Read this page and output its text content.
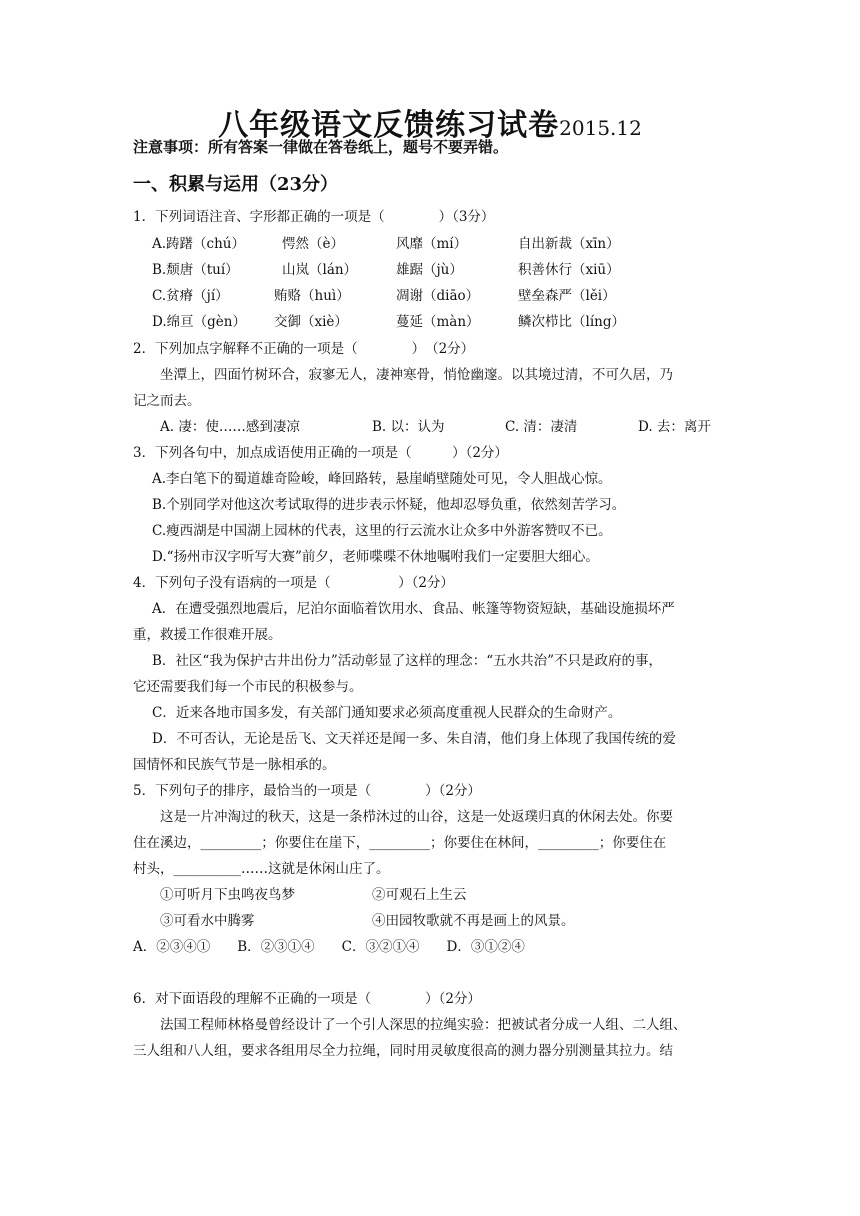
八年级语文反馈练习试卷2015.12
注意事项：所有答案一律做在答卷纸上，题号不要弄错。
一、积累与运用（23分）
1．下列词语注音、字形都正确的一项是（　　　　）（3分）
A.踌躇（chú）	愕然（è）	风靡（mí）	自出新裁（xīn）
B.颓唐（tuí）	山岚（lán）	雄踞（jù）	积善休行（xiū）
C.贫瘠（jí）	贿赂（huì）	凋谢（diāo）	壁垒森严（lěi）
D.绵亘（gèn） 交御（xiè）	蔓延（màn）	鳞次栉比（líng）
2．下列加点字解释不正确的一项是（　　　　）　（2分）
坐潭上，四面竹树环合，寂寥无人，凄神寒骨，悄怆幽邃。以其境过清，不可久居，乃
记之而去。
A. 凄：使……感到凄凉	B. 以：认为	C. 清：凄清	D. 去：离开
3．下列各句中，加点成语使用正确的一项是（　　　）（2分）
A.李白笔下的蜀道雄奇险峻，峰回路转，悬崖峭壁随处可见，令人胆战心惊。
B.个别同学对他这次考试取得的进步表示怀疑，他却忍辱负重，依然刻苦学习。
C.瘦西湖是中国湖上园林的代表，这里的行云流水让众多中外游客赞叹不已。
D.“扬州市汉字听写大赛”前夕，老师喋喋不休地嘱咐我们一定要胆大细心。
4．下列句子没有语病的一项是（　　　　　）（2分）
A．在遭受强烈地震后，尼泊尔面临着饮用水、食品、帐篷等物资短缺，基础设施损坏严
重，救援工作很难开展。
B．社区“我为保护古井出份力”活动彰显了这样的理念：“五水共治”不只是政府的事，
它还需要我们每一个市民的积极参与。
C．近来各地市国多发，有关部门通知要求必须高度重视人民群众的生命财产。
D．不可否认，无论是岳飞、文天祥还是闻一多、朱自清，他们身上体现了我国传统的爱
国情怀和民族气节是一脉相承的。
5．下列句子的排序，最恰当的一项是（　　　　）（2分）
这是一片冲淘过的秋天，这是一条栉沐过的山谷，这是一处返璞归真的休闲去处。你要
住在溪边，_________；你要住在崖下，_________；你要住在林间，_________；你要住在
村头，__________……这就是休闲山庄了。
①可听月下虫鸣夜鸟梦	②可观石上生云
③可看水中腾雾	④田园牧歌就不再是画上的风景。
A．②③④①　　B．②③①④　　C．③②①④　　D．③①②④
6．对下面语段的理解不正确的一项是（　　　　）（2分）
法国工程师林格曼曾经设计了一个引人深思的拉绳实验：把被试者分成一人组、二人组、
三人组和八人组，要求各组用尽全力拉绳，同时用灵敏度很高的测力器分别测量其拉力。结
